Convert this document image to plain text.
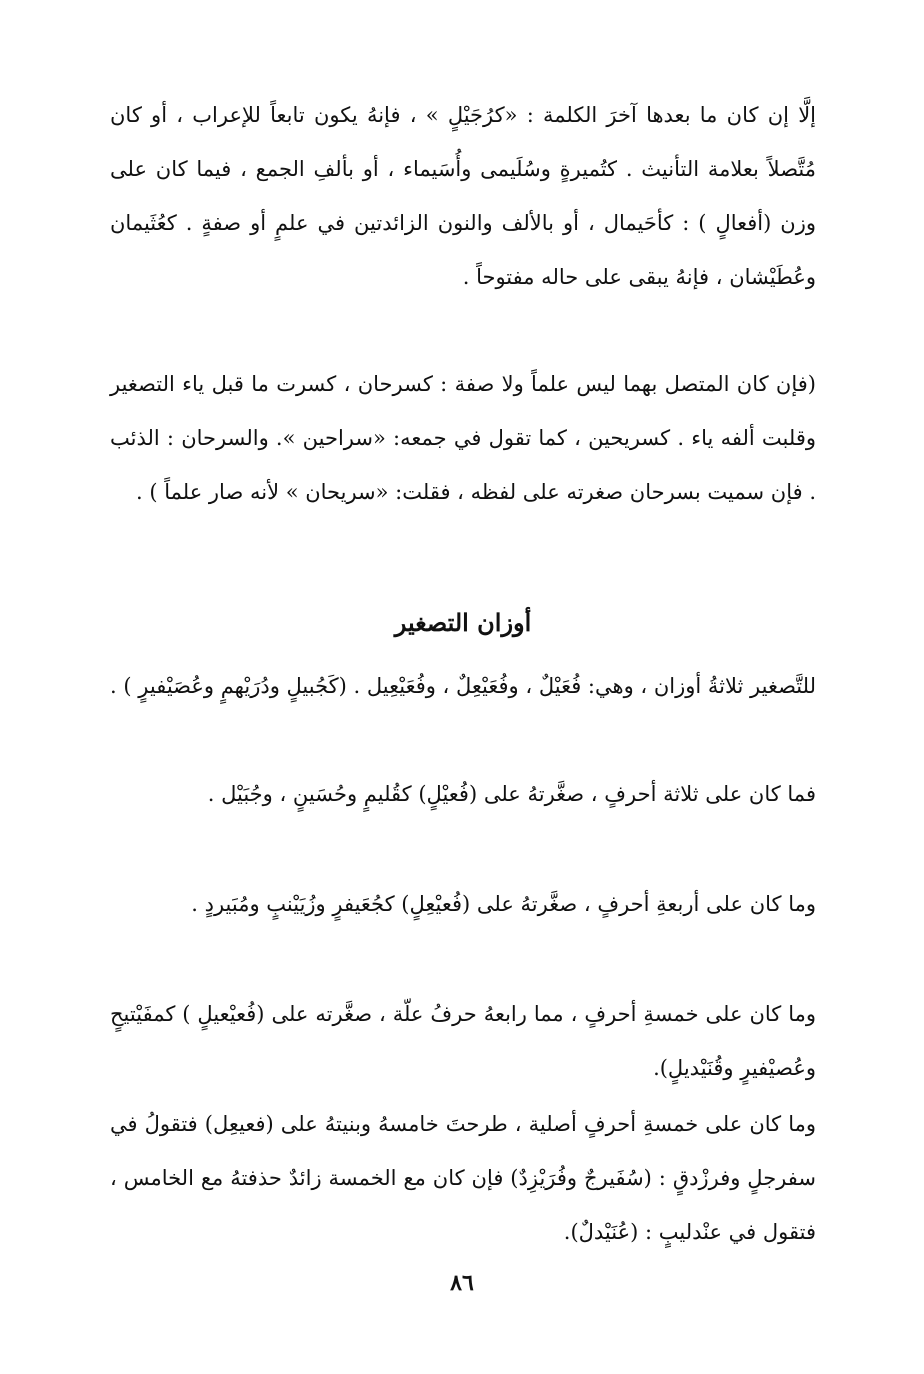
إلَّا إن كان ما بعدها آخرَ الكلمة : «كرُجَيْلٍ » ، فإنهُ يكون تابعاً للإعراب ، أو كان مُتَّصلاً بعلامة التأنيث . كتُميرةٍ وسُلَيمى وأُسَيماء ، أو بألفِ الجمع ، فيما كان على وزن (أفعالٍ ) : كأحَيمال ، أو بالألف والنون الزائدتين في علمٍ أو صفةٍ . كعُثَيمان وعُطَيْشان ، فإنهُ يبقى على حاله مفتوحاً .

(فإن كان المتصل بهما ليس علماً ولا صفة : كسرحان ، كسرت ما قبل ياء التصغير وقلبت ألفه ياء . كسريحين ، كما تقول في جمعه: «سراحين ». والسرحان : الذئب . فإن سميت بسرحان صغرته على لفظه ، فقلت: «سريحان » لأنه صار علماً ) .

أوزان التصغير

للتَّصغير ثلاثةُ أوزان ، وهي: فُعَيْلٌ ، وفُعَيْعِلٌ ، وفُعَيْعِيل . (كَجُبيلٍ ودُرَيْهمٍ وعُصَيْفيرٍ ) .

فما كان على ثلاثة أحرفٍ ، صغَّرتهُ على (فُعيْلٍ) كقُليمٍ وحُسَينٍ ، وجُبَيْل .

وما كان على أربعةِ أحرفٍ ، صغَّرتهُ على (فُعيْعِلٍ) كجُعَيفرٍ وزُيَيْنبٍ ومُبَيردٍ .

وما كان على خمسةِ أحرفٍ ، مما رابعهُ حرفُ علّة ، صغَّرته على (فُعيْعيلٍ ) كمفَيْتيحٍ وعُصيْفيرٍ وقُنَيْديلٍ).

وما كان على خمسةِ أحرفٍ أصلية ، طرحتَ خامسهُ وبنيتهُ على (فعيعِل) فتقولُ في سفرجلٍ وفرزْدقٍ : (سُفَيرجٌ وفُرَيْزِدٌ) فإن كان مع الخمسة زائدٌ حذفتهُ مع الخامس ، فتقول في عنْدليبٍ : (عُنَيْدلٌ).

٨٦
